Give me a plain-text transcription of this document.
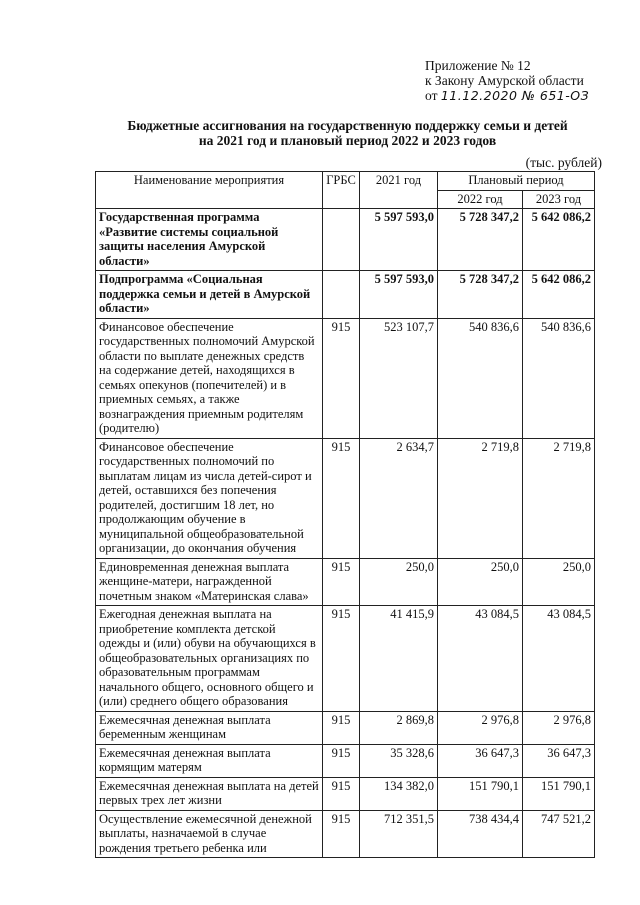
Приложение № 12
к Закону Амурской области
от 11.12.2020 № 651-ОЗ
Бюджетные ассигнования на государственную поддержку семьи и детей
на 2021 год и плановый период 2022 и 2023 годов
(тыс. рублей)
Наименование мероприятия	ГРБС	2021 год	Плановый период	
			2022 год	2023 год
Государственная программа «Развитие системы социальной защиты населения Амурской области»		5 597 593,0	5 728 347,2	5 642 086,2
Подпрограмма «Социальная поддержка семьи и детей в Амурской области»		5 597 593,0	5 728 347,2	5 642 086,2
Финансовое обеспечение государственных полномочий Амурской области по выплате денежных средств на содержание детей, находящихся в семьях опекунов (попечителей) и в приемных семьях, а также вознаграждения приемным родителям (родителю)	915	523 107,7	540 836,6	540 836,6
Финансовое обеспечение государственных полномочий по выплатам лицам из числа детей-сирот и детей, оставшихся без попечения родителей, достигшим 18 лет, но продолжающим обучение в муниципальной общеобразовательной организации, до окончания обучения	915	2 634,7	2 719,8	2 719,8
Единовременная денежная выплата женщине-матери, награжденной почетным знаком «Материнская слава»	915	250,0	250,0	250,0
Ежегодная денежная выплата на приобретение комплекта детской одежды и (или) обуви на обучающихся в общеобразовательных организациях по образовательным программам начального общего, основного общего и (или) среднего общего образования	915	41 415,9	43 084,5	43 084,5
Ежемесячная денежная выплата беременным женщинам	915	2 869,8	2 976,8	2 976,8
Ежемесячная денежная выплата кормящим матерям	915	35 328,6	36 647,3	36 647,3
Ежемесячная денежная выплата на детей первых трех лет жизни	915	134 382,0	151 790,1	151 790,1
Осуществление ежемесячной денежной выплаты, назначаемой в случае рождения третьего ребенка или	915	712 351,5	738 434,4	747 521,2
